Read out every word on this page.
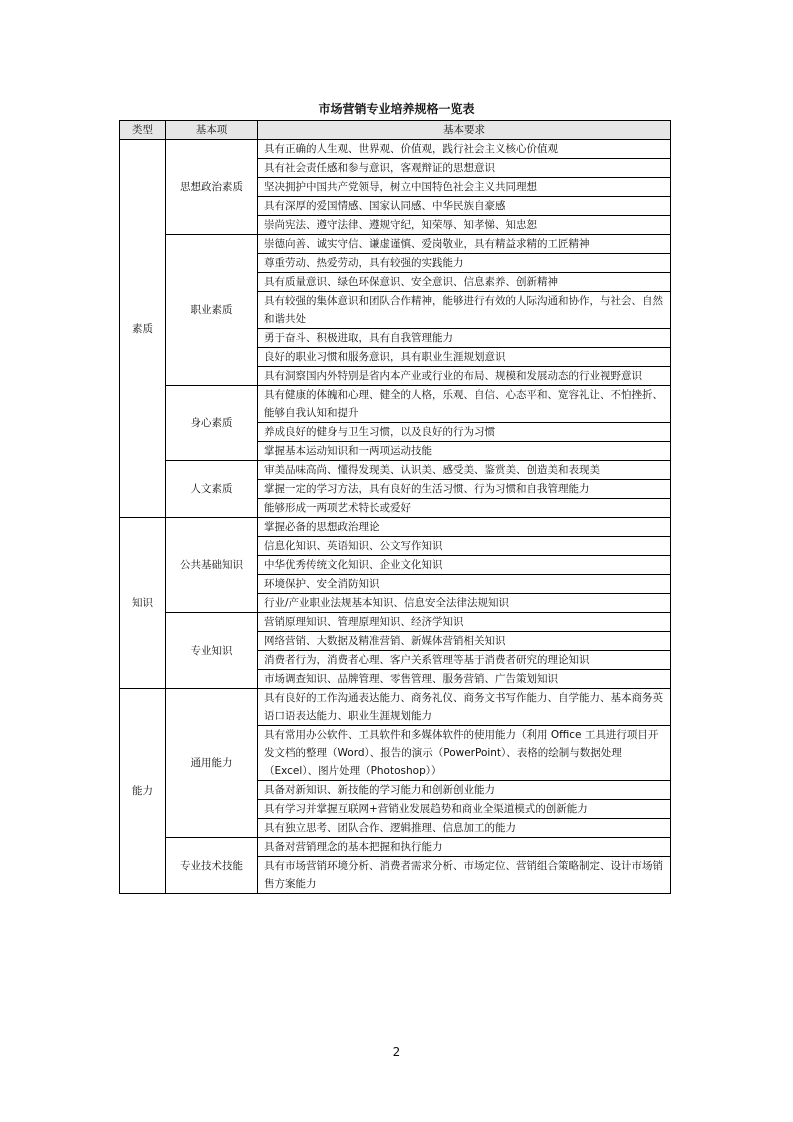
市场营销专业培养规格一览表
类型	基本项	基本要求
素质	思想政治素质	具有正确的人生观、世界观、价值观，践行社会主义核心价值观
		具有社会责任感和参与意识，客观辩证的思想意识
		坚决拥护中国共产党领导，树立中国特色社会主义共同理想
		具有深厚的爱国情感、国家认同感、中华民族自豪感
		崇尚宪法、遵守法律、遵规守纪，知荣辱、知孝悌、知忠恕
	职业素质	崇德向善、诚实守信、谦虚谨慎、爱岗敬业，具有精益求精的工匠精神
		尊重劳动、热爱劳动，具有较强的实践能力
		具有质量意识、绿色环保意识、安全意识、信息素养、创新精神
		具有较强的集体意识和团队合作精神，能够进行有效的人际沟通和协作，与社会、自然和谐共处
		勇于奋斗、积极进取，具有自我管理能力
		良好的职业习惯和服务意识，具有职业生涯规划意识
		具有洞察国内外特别是省内本产业或行业的布局、规模和发展动态的行业视野意识
	身心素质	具有健康的体魄和心理、健全的人格，乐观、自信、心态平和、宽容礼让、不怕挫折、能够自我认知和提升
		养成良好的健身与卫生习惯，以及良好的行为习惯
		掌握基本运动知识和一两项运动技能
	人文素质	审美品味高尚、懂得发现美、认识美、感受美、鉴赏美、创造美和表现美
		掌握一定的学习方法，具有良好的生活习惯、行为习惯和自我管理能力
		能够形成一两项艺术特长或爱好
知识	公共基础知识	掌握必备的思想政治理论
		信息化知识、英语知识、公文写作知识
		中华优秀传统文化知识、企业文化知识
		环境保护、安全消防知识
		行业/产业职业法规基本知识、信息安全法律法规知识
	专业知识	营销原理知识、管理原理知识、经济学知识
		网络营销、大数据及精准营销、新媒体营销相关知识
		消费者行为，消费者心理、客户关系管理等基于消费者研究的理论知识
		市场调查知识、品牌管理、零售管理、服务营销、广告策划知识
能力	通用能力	具有良好的工作沟通表达能力、商务礼仪、商务文书写作能力、自学能力、基本商务英语口语表达能力、职业生涯规划能力
		具有常用办公软件、工具软件和多媒体软件的使用能力（利用 Office 工具进行项目开发文档的整理（Word）、报告的演示（PowerPoint）、表格的绘制与数据处理（Excel）、图片处理（Photoshop））
		具备对新知识、新技能的学习能力和创新创业能力
		具有学习并掌握互联网+营销业发展趋势和商业全渠道模式的创新能力
		具有独立思考、团队合作、逻辑推理、信息加工的能力
	专业技术技能	具备对营销理念的基本把握和执行能力
		具有市场营销环境分析、消费者需求分析、市场定位、营销组合策略制定、设计市场销售方案能力
2
